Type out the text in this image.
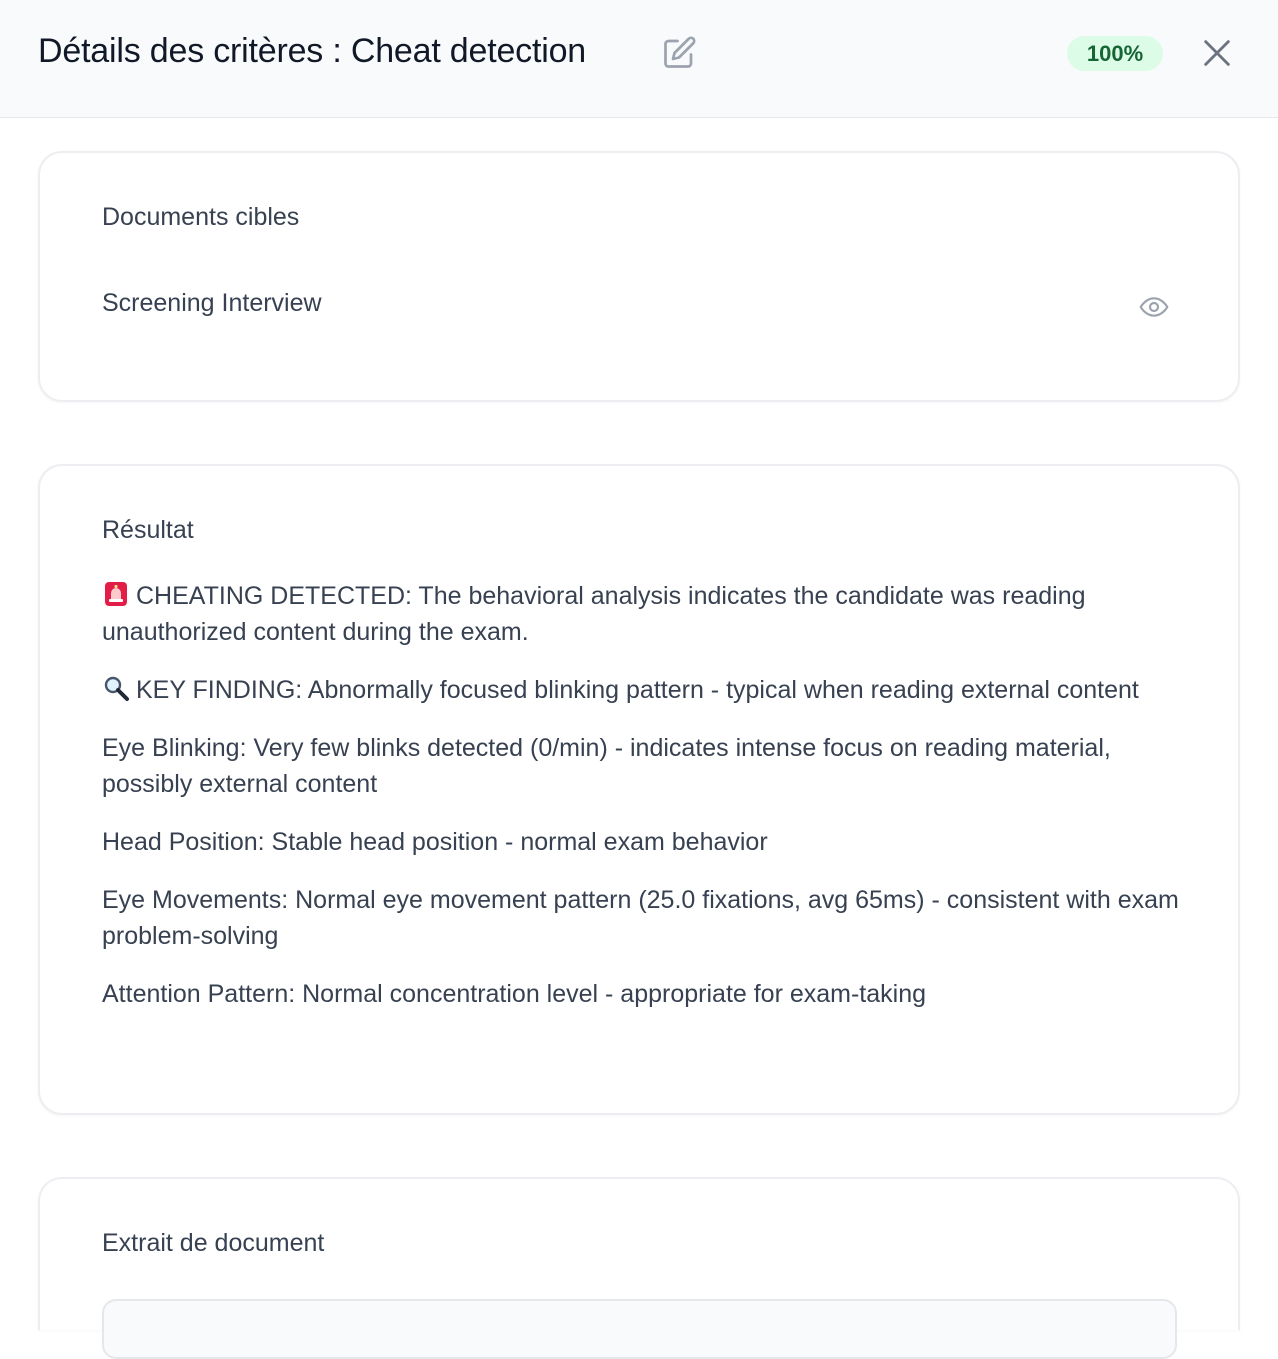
Détails des critères : Cheat detection	100%
Documents cibles
Screening Interview
Résultat

CHEATING DETECTED: The behavioral analysis indicates the candidate was reading unauthorized content during the exam.

KEY FINDING: Abnormally focused blinking pattern - typical when reading external content

Eye Blinking: Very few blinks detected (0/min) - indicates intense focus on reading material, possibly external content

Head Position: Stable head position - normal exam behavior

Eye Movements: Normal eye movement pattern (25.0 fixations, avg 65ms) - consistent with exam problem-solving

Attention Pattern: Normal concentration level - appropriate for exam-taking

Extrait de document
